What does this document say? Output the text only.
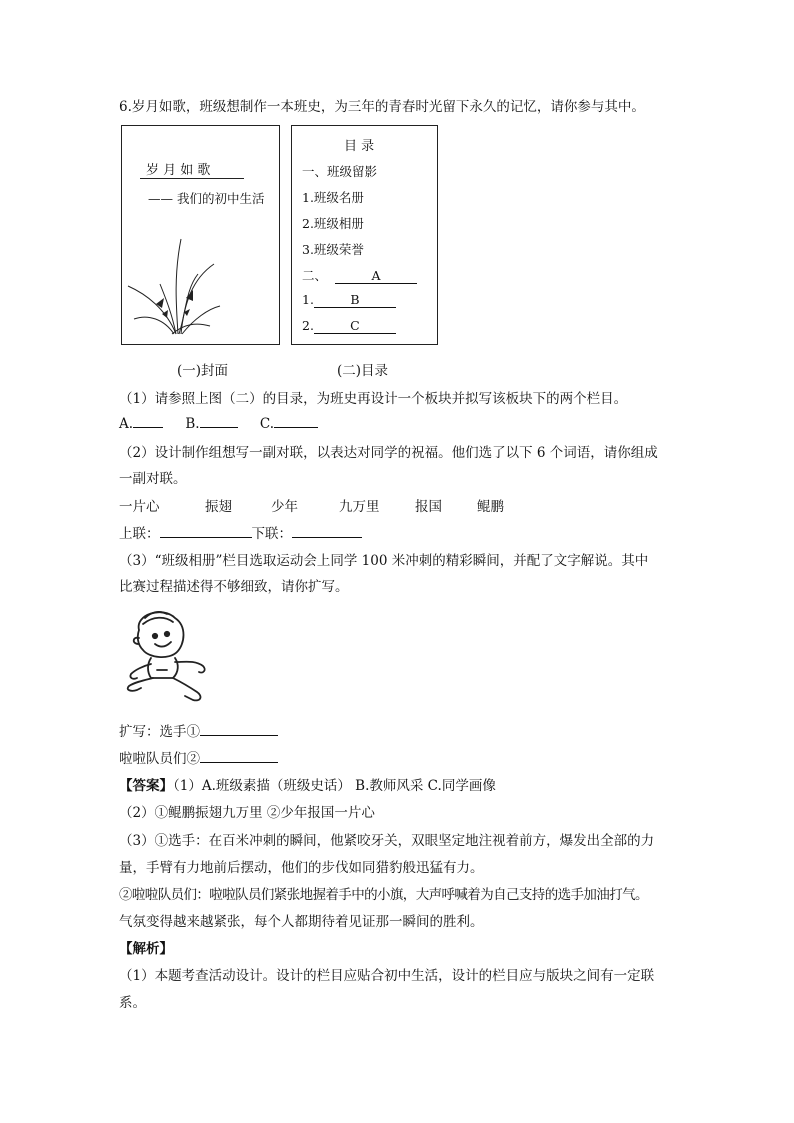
6.岁月如歌，班级想制作一本班史，为三年的青春时光留下永久的记忆，请你参与其中。
岁 月 如 歌
—— 我们的初中生活
(一)封面
目 录
一、班级留影
1.班级名册
2.班级相册
3.班级荣誉
二、	A
1.	B
2.	C
(二)目录
（1）请参照上图（二）的目录，为班史再设计一个板块并拟写该板块下的两个栏目。
A.	B.	C.
（2）设计制作组想写一副对联，以表达对同学的祝福。他们选了以下 6 个词语，请你组成
一副对联。
一片心	振翅	少年	九万里	报国	鲲鹏
上联：	下联：
（3）“班级相册”栏目选取运动会上同学 100 米冲刺的精彩瞬间，并配了文字解说。其中
比赛过程描述得不够细致，请你扩写。
扩写：选手①
啦啦队员们②
【答案】（1）A.班级素描（班级史话） B.教师风采 C.同学画像
（2）①鲲鹏振翅九万里 ②少年报国一片心
（3）①选手：在百米冲刺的瞬间，他紧咬牙关，双眼坚定地注视着前方，爆发出全部的力
量，手臂有力地前后摆动，他们的步伐如同猎豹般迅猛有力。
②啦啦队员们：啦啦队员们紧张地握着手中的小旗，大声呼喊着为自己支持的选手加油打气。
气氛变得越来越紧张，每个人都期待着见证那一瞬间的胜利。
【解析】
（1）本题考查活动设计。设计的栏目应贴合初中生活，设计的栏目应与版块之间有一定联
系。
